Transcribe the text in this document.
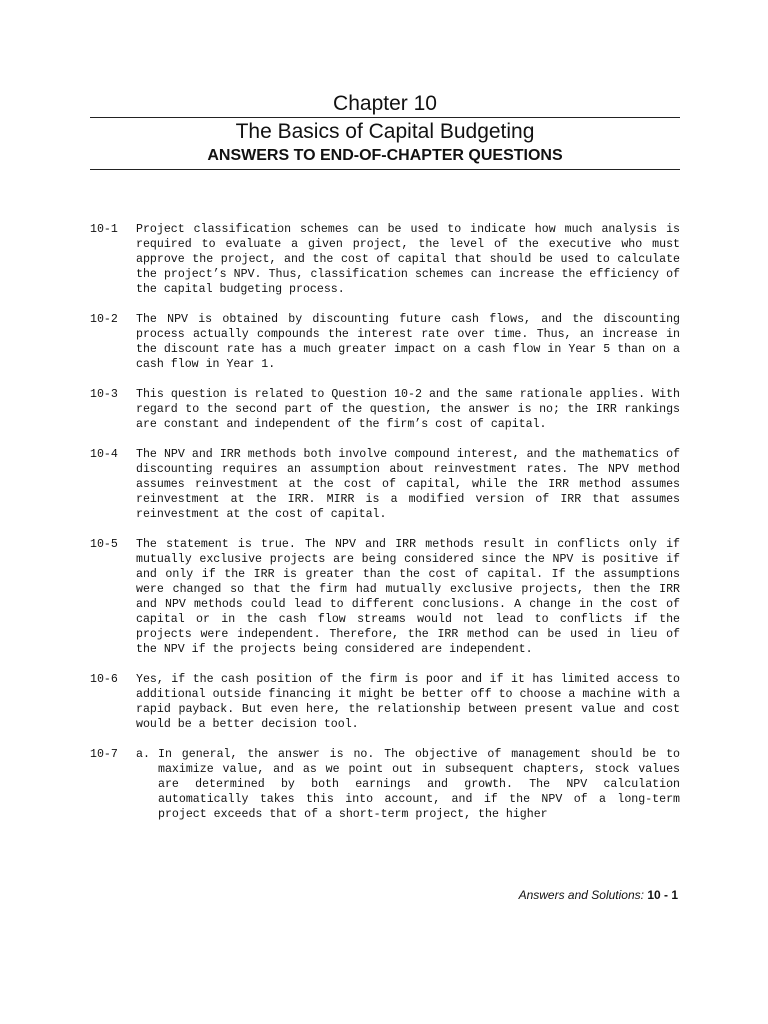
Chapter 10
The Basics of Capital Budgeting
ANSWERS TO END-OF-CHAPTER QUESTIONS
10-1	Project classification schemes can be used to indicate how much analysis is required to evaluate a given project, the level of the executive who must approve the project, and the cost of capital that should be used to calculate the project’s NPV. Thus, classification schemes can increase the efficiency of the capital budgeting process.
10-2	The NPV is obtained by discounting future cash flows, and the discounting process actually compounds the interest rate over time. Thus, an increase in the discount rate has a much greater impact on a cash flow in Year 5 than on a cash flow in Year 1.
10-3	This question is related to Question 10-2 and the same rationale applies. With regard to the second part of the question, the answer is no; the IRR rankings are constant and independent of the firm’s cost of capital.
10-4	The NPV and IRR methods both involve compound interest, and the mathematics of discounting requires an assumption about reinvestment rates. The NPV method assumes reinvestment at the cost of capital, while the IRR method assumes reinvestment at the IRR. MIRR is a modified version of IRR that assumes reinvestment at the cost of capital.
10-5	The statement is true. The NPV and IRR methods result in conflicts only if mutually exclusive projects are being considered since the NPV is positive if and only if the IRR is greater than the cost of capital. If the assumptions were changed so that the firm had mutually exclusive projects, then the IRR and NPV methods could lead to different conclusions. A change in the cost of capital or in the cash flow streams would not lead to conflicts if the projects were independent. Therefore, the IRR method can be used in lieu of the NPV if the projects being considered are independent.
10-6	Yes, if the cash position of the firm is poor and if it has limited access to additional outside financing it might be better off to choose a machine with a rapid payback. But even here, the relationship between present value and cost would be a better decision tool.
10-7	a. In general, the answer is no. The objective of management should be to maximize value, and as we point out in subsequent chapters, stock values are determined by both earnings and growth. The NPV calculation automatically takes this into account, and if the NPV of a long-term project exceeds that of a short-term project, the higher
Answers and Solutions: 10 - 1
